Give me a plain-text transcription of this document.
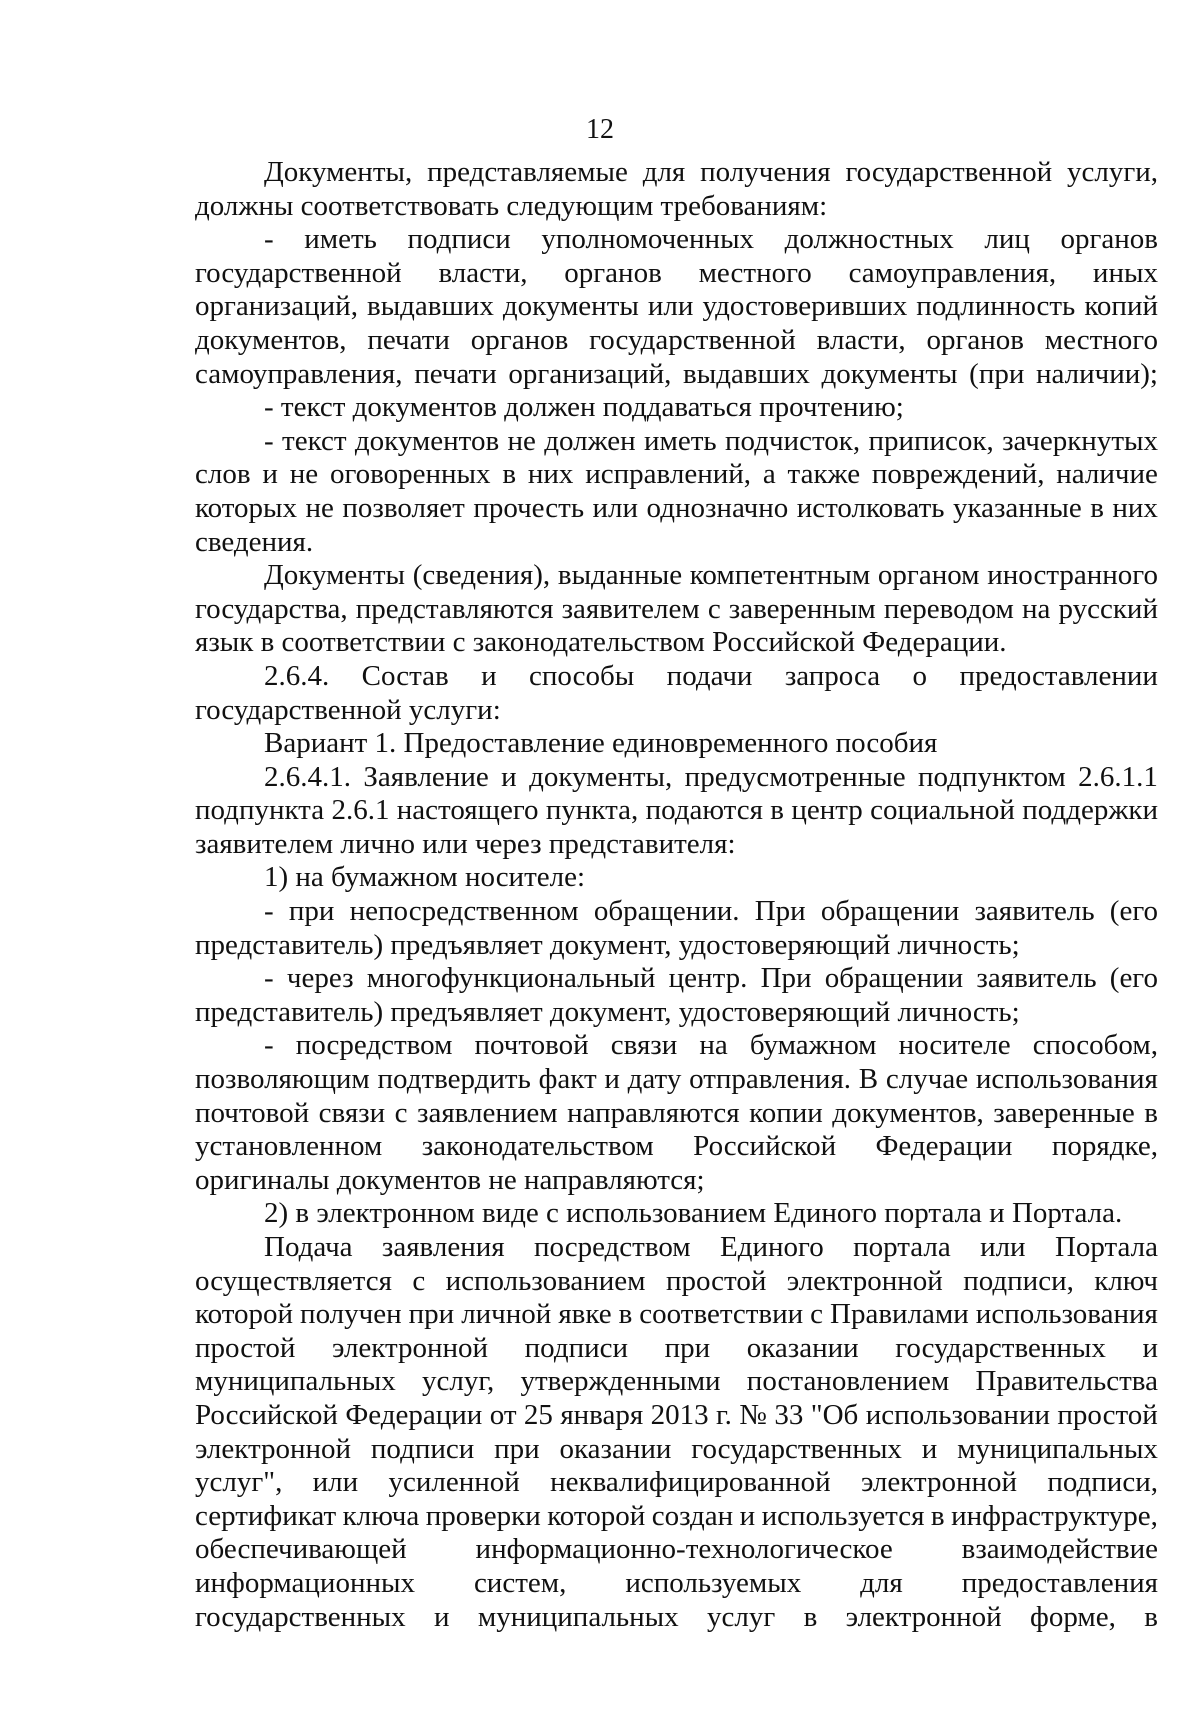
12
Документы, представляемые для получения государственной услуги,
должны соответствовать следующим требованиям:
- иметь подписи уполномоченных должностных лиц органов
государственной власти, органов местного самоуправления, иных
организаций, выдавших документы или удостоверивших подлинность копий
документов, печати органов государственной власти, органов местного
самоуправления, печати организаций, выдавших документы (при наличии);
- текст документов должен поддаваться прочтению;
- текст документов не должен иметь подчисток, приписок, зачеркнутых
слов и не оговоренных в них исправлений, а также повреждений, наличие
которых не позволяет прочесть или однозначно истолковать указанные в них
сведения.
Документы (сведения), выданные компетентным органом иностранного
государства, представляются заявителем с заверенным переводом на русский
язык в соответствии с законодательством Российской Федерации.
2.6.4. Состав и способы подачи запроса о предоставлении
государственной услуги:
Вариант 1. Предоставление единовременного пособия
2.6.4.1. Заявление и документы, предусмотренные подпунктом 2.6.1.1
подпункта 2.6.1 настоящего пункта, подаются в центр социальной поддержки
заявителем лично или через представителя:
1) на бумажном носителе:
- при непосредственном обращении. При обращении заявитель (его
представитель) предъявляет документ, удостоверяющий личность;
- через многофункциональный центр. При обращении заявитель (его
представитель) предъявляет документ, удостоверяющий личность;
- посредством почтовой связи на бумажном носителе способом,
позволяющим подтвердить факт и дату отправления. В случае использования
почтовой связи с заявлением направляются копии документов, заверенные в
установленном законодательством Российской Федерации порядке,
оригиналы документов не направляются;
2) в электронном виде с использованием Единого портала и Портала.
Подача заявления посредством Единого портала или Портала
осуществляется с использованием простой электронной подписи, ключ
которой получен при личной явке в соответствии с Правилами использования
простой электронной подписи при оказании государственных и
муниципальных услуг, утвержденными постановлением Правительства
Российской Федерации от 25 января 2013 г. № 33 "Об использовании простой
электронной подписи при оказании государственных и муниципальных
услуг", или усиленной неквалифицированной электронной подписи,
сертификат ключа проверки которой создан и используется в инфраструктуре,
обеспечивающей информационно-технологическое взаимодействие
информационных систем, используемых для предоставления
государственных и муниципальных услуг в электронной форме, в
